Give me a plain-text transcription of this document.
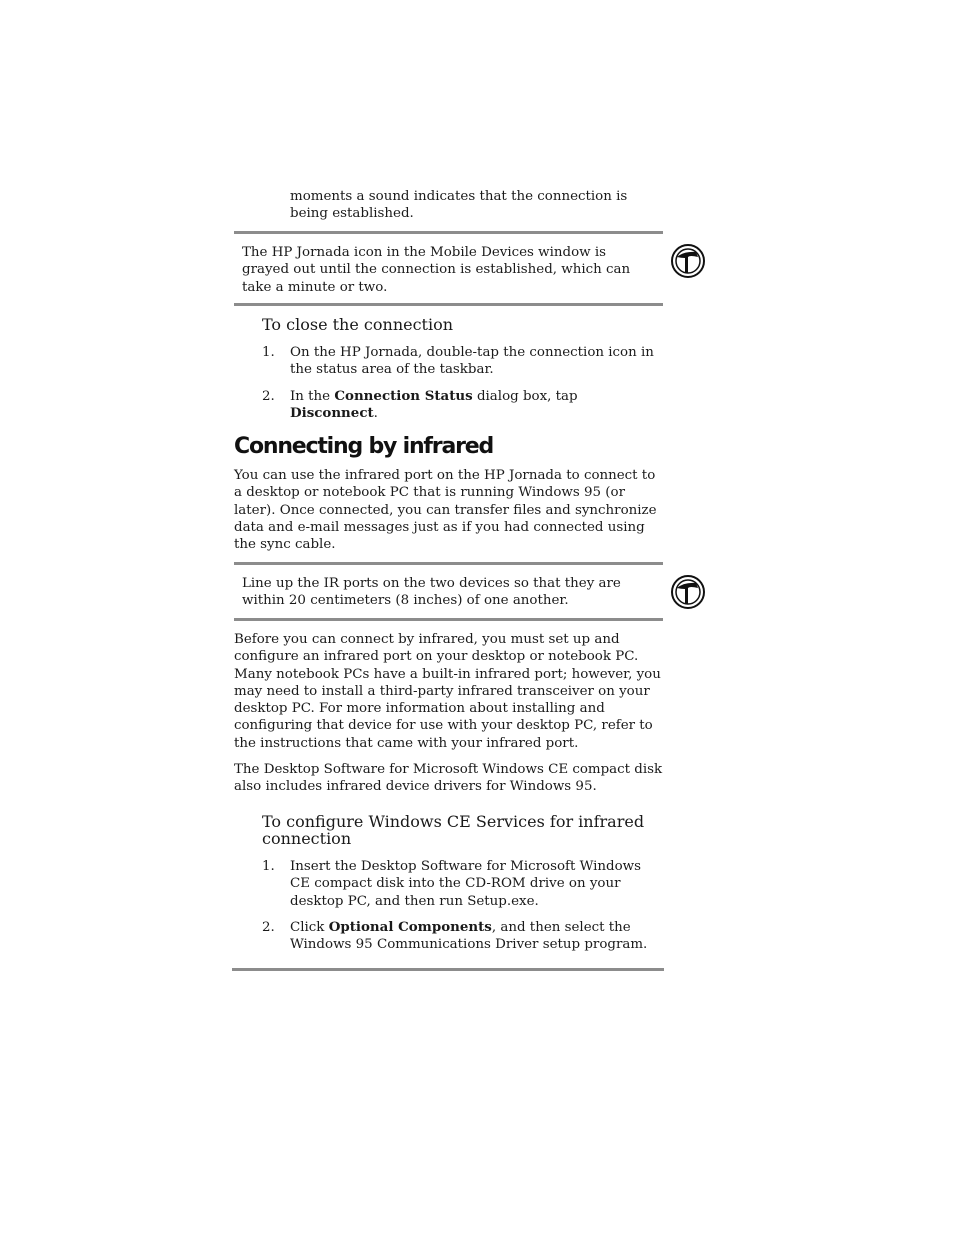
moments a sound indicates that the connection is being established.

The HP Jornada icon in the Mobile Devices window is grayed out until the connection is established, which can take a minute or two.

To close the connection

1. On the HP Jornada, double-tap the connection icon in the status area of the taskbar.

2. In the Connection Status dialog box, tap Disconnect.

Connecting by infrared

You can use the infrared port on the HP Jornada to connect to a desktop or notebook PC that is running Windows 95 (or later). Once connected, you can transfer files and synchronize data and e-mail messages just as if you had connected using the sync cable.

Line up the IR ports on the two devices so that they are within 20 centimeters (8 inches) of one another.

Before you can connect by infrared, you must set up and configure an infrared port on your desktop or notebook PC. Many notebook PCs have a built-in infrared port; however, you may need to install a third-party infrared transceiver on your desktop PC. For more information about installing and configuring that device for use with your desktop PC, refer to the instructions that came with your infrared port.

The Desktop Software for Microsoft Windows CE compact disk also includes infrared device drivers for Windows 95.

To configure Windows CE Services for infrared connection

1. Insert the Desktop Software for Microsoft Windows CE compact disk into the CD-ROM drive on your desktop PC, and then run Setup.exe.

2. Click Optional Components, and then select the Windows 95 Communications Driver setup program.
